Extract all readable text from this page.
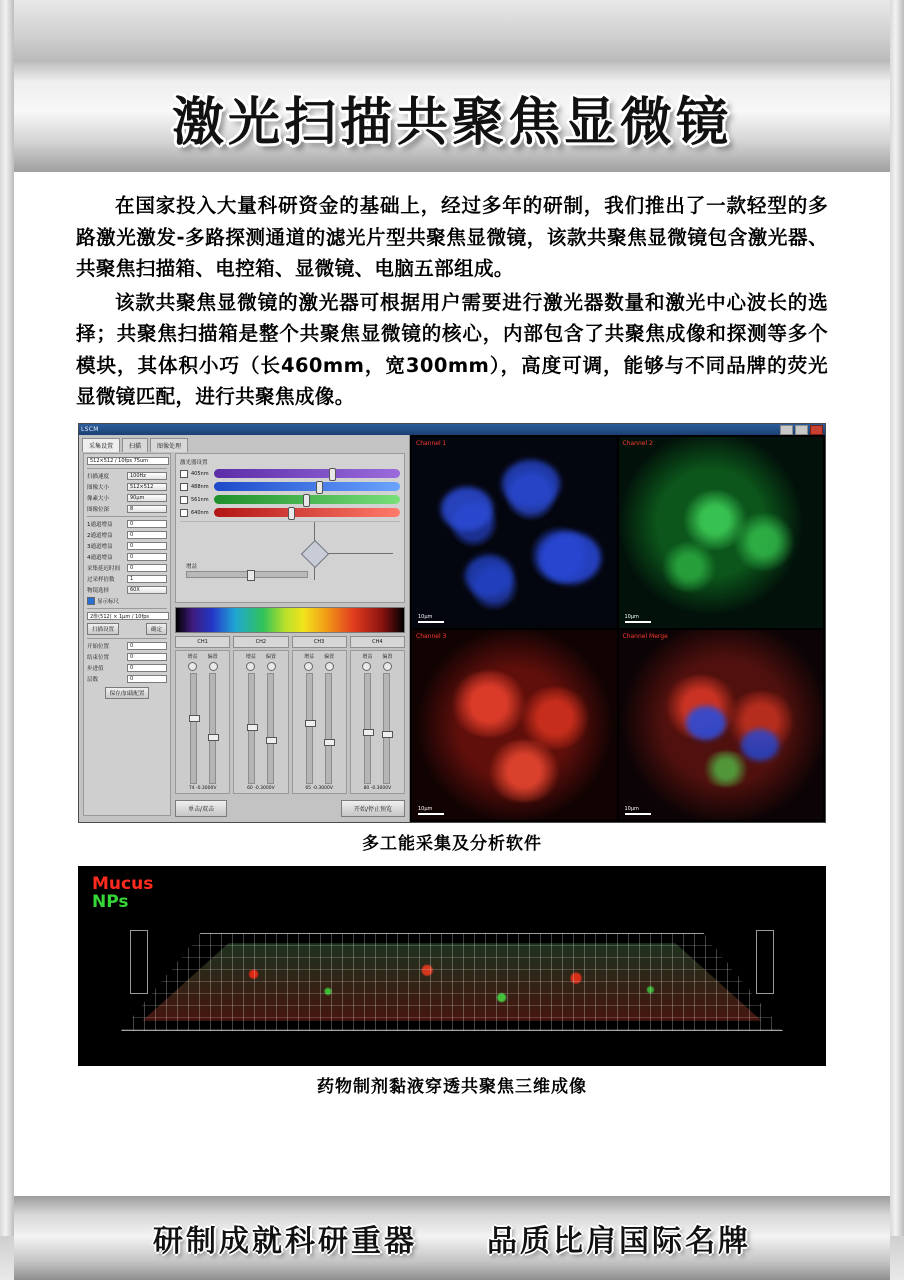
激光扫描共聚焦显微镜

在国家投入大量科研资金的基础上，经过多年的研制，我们推出了一款轻型的多路激光激发-多路探测通道的滤光片型共聚焦显微镜，该款共聚焦显微镜包含激光器、共聚焦扫描箱、电控箱、显微镜、电脑五部组成。

该款共聚焦显微镜的激光器可根据用户需要进行激光器数量和激光中心波长的选择；共聚焦扫描箱是整个共聚焦显微镜的核心，内部包含了共聚焦成像和探测等多个模块，其体积小巧（长460mm，宽300mm），高度可调，能够与不同品牌的荧光显微镜匹配，进行共聚焦成像。

LSCM
采集设置	扫描	图像处理
512×512 / 10fps 75um
扫描速度	100Hz
图像大小	512×512
像素大小	90µm
图像位深	8
1通道增益	0
2通道增益	0
3通道增益	0
4通道增益	0
采集延迟时间	0
过采样倍数	1
物镜选择	60X
显示标尺
2维(512) × 1µm / 10fps
扫描设置	确定
开始位置	0
结束位置	0
步进值	0
层数	0
保存/加载配置
激光器设置
405nm
488nm
561nm
640nm
增益
CH1	CH2	CH3	CH4
增益 偏置
74 -0.3000V
增益 偏置
60 -0.3000V
增益 偏置
65 -0.3000V
增益 偏置
80 -0.3000V
单击/双击	开始/停止预览
Channel 1
10µm
Channel 2
10µm
Channel 3
10µm
Channel Merge
10µm
多工能采集及分析软件
Mucus
NPs
药物制剂黏液穿透共聚焦三维成像
研制成就科研重器 品质比肩国际名牌
